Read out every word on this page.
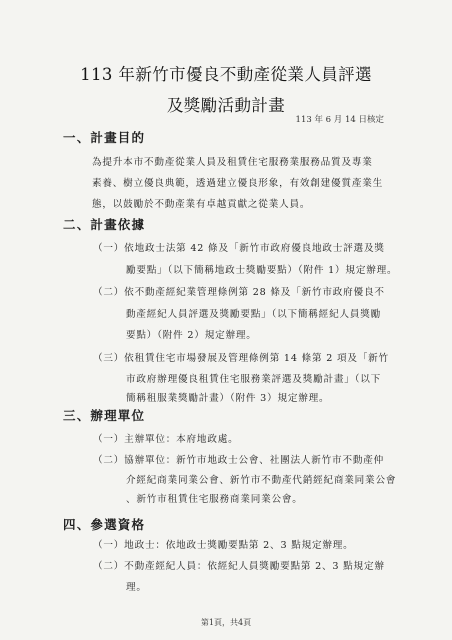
113 年新竹市優良不動產從業人員評選
及獎勵活動計畫
113 年 6 月 14 日核定
一、計畫目的
為提升本市不動產從業人員及租賃住宅服務業服務品質及專業
素養、樹立優良典範，透過建立優良形象，有效創建優質產業生
態，以鼓勵於不動產業有卓越貢獻之從業人員。
二、計畫依據
（一）依地政士法第 42 條及「新竹市政府優良地政士評選及獎
勵要點」（以下簡稱地政士獎勵要點）（附件 1）規定辦理。
（二）依不動產經紀業管理條例第 28 條及「新竹市政府優良不
動產經紀人員評選及獎勵要點」（以下簡稱經紀人員獎勵
要點）（附件 2）規定辦理。
（三）依租賃住宅市場發展及管理條例第 14 條第 2 項及「新竹
市政府辦理優良租賃住宅服務業評選及獎勵計畫」（以下
簡稱租服業獎勵計畫）（附件 3）規定辦理。
三、辦理單位
（一）主辦單位：本府地政處。
（二）協辦單位：新竹市地政士公會、社團法人新竹市不動產仲
介經紀商業同業公會、新竹市不動產代銷經紀商業同業公會
、新竹市租賃住宅服務商業同業公會。
四、參選資格
（一）地政士：依地政士獎勵要點第 2、3 點規定辦理。
（二）不動產經紀人員：依經紀人員獎勵要點第 2、3 點規定辦
理。
第1頁，共4頁
